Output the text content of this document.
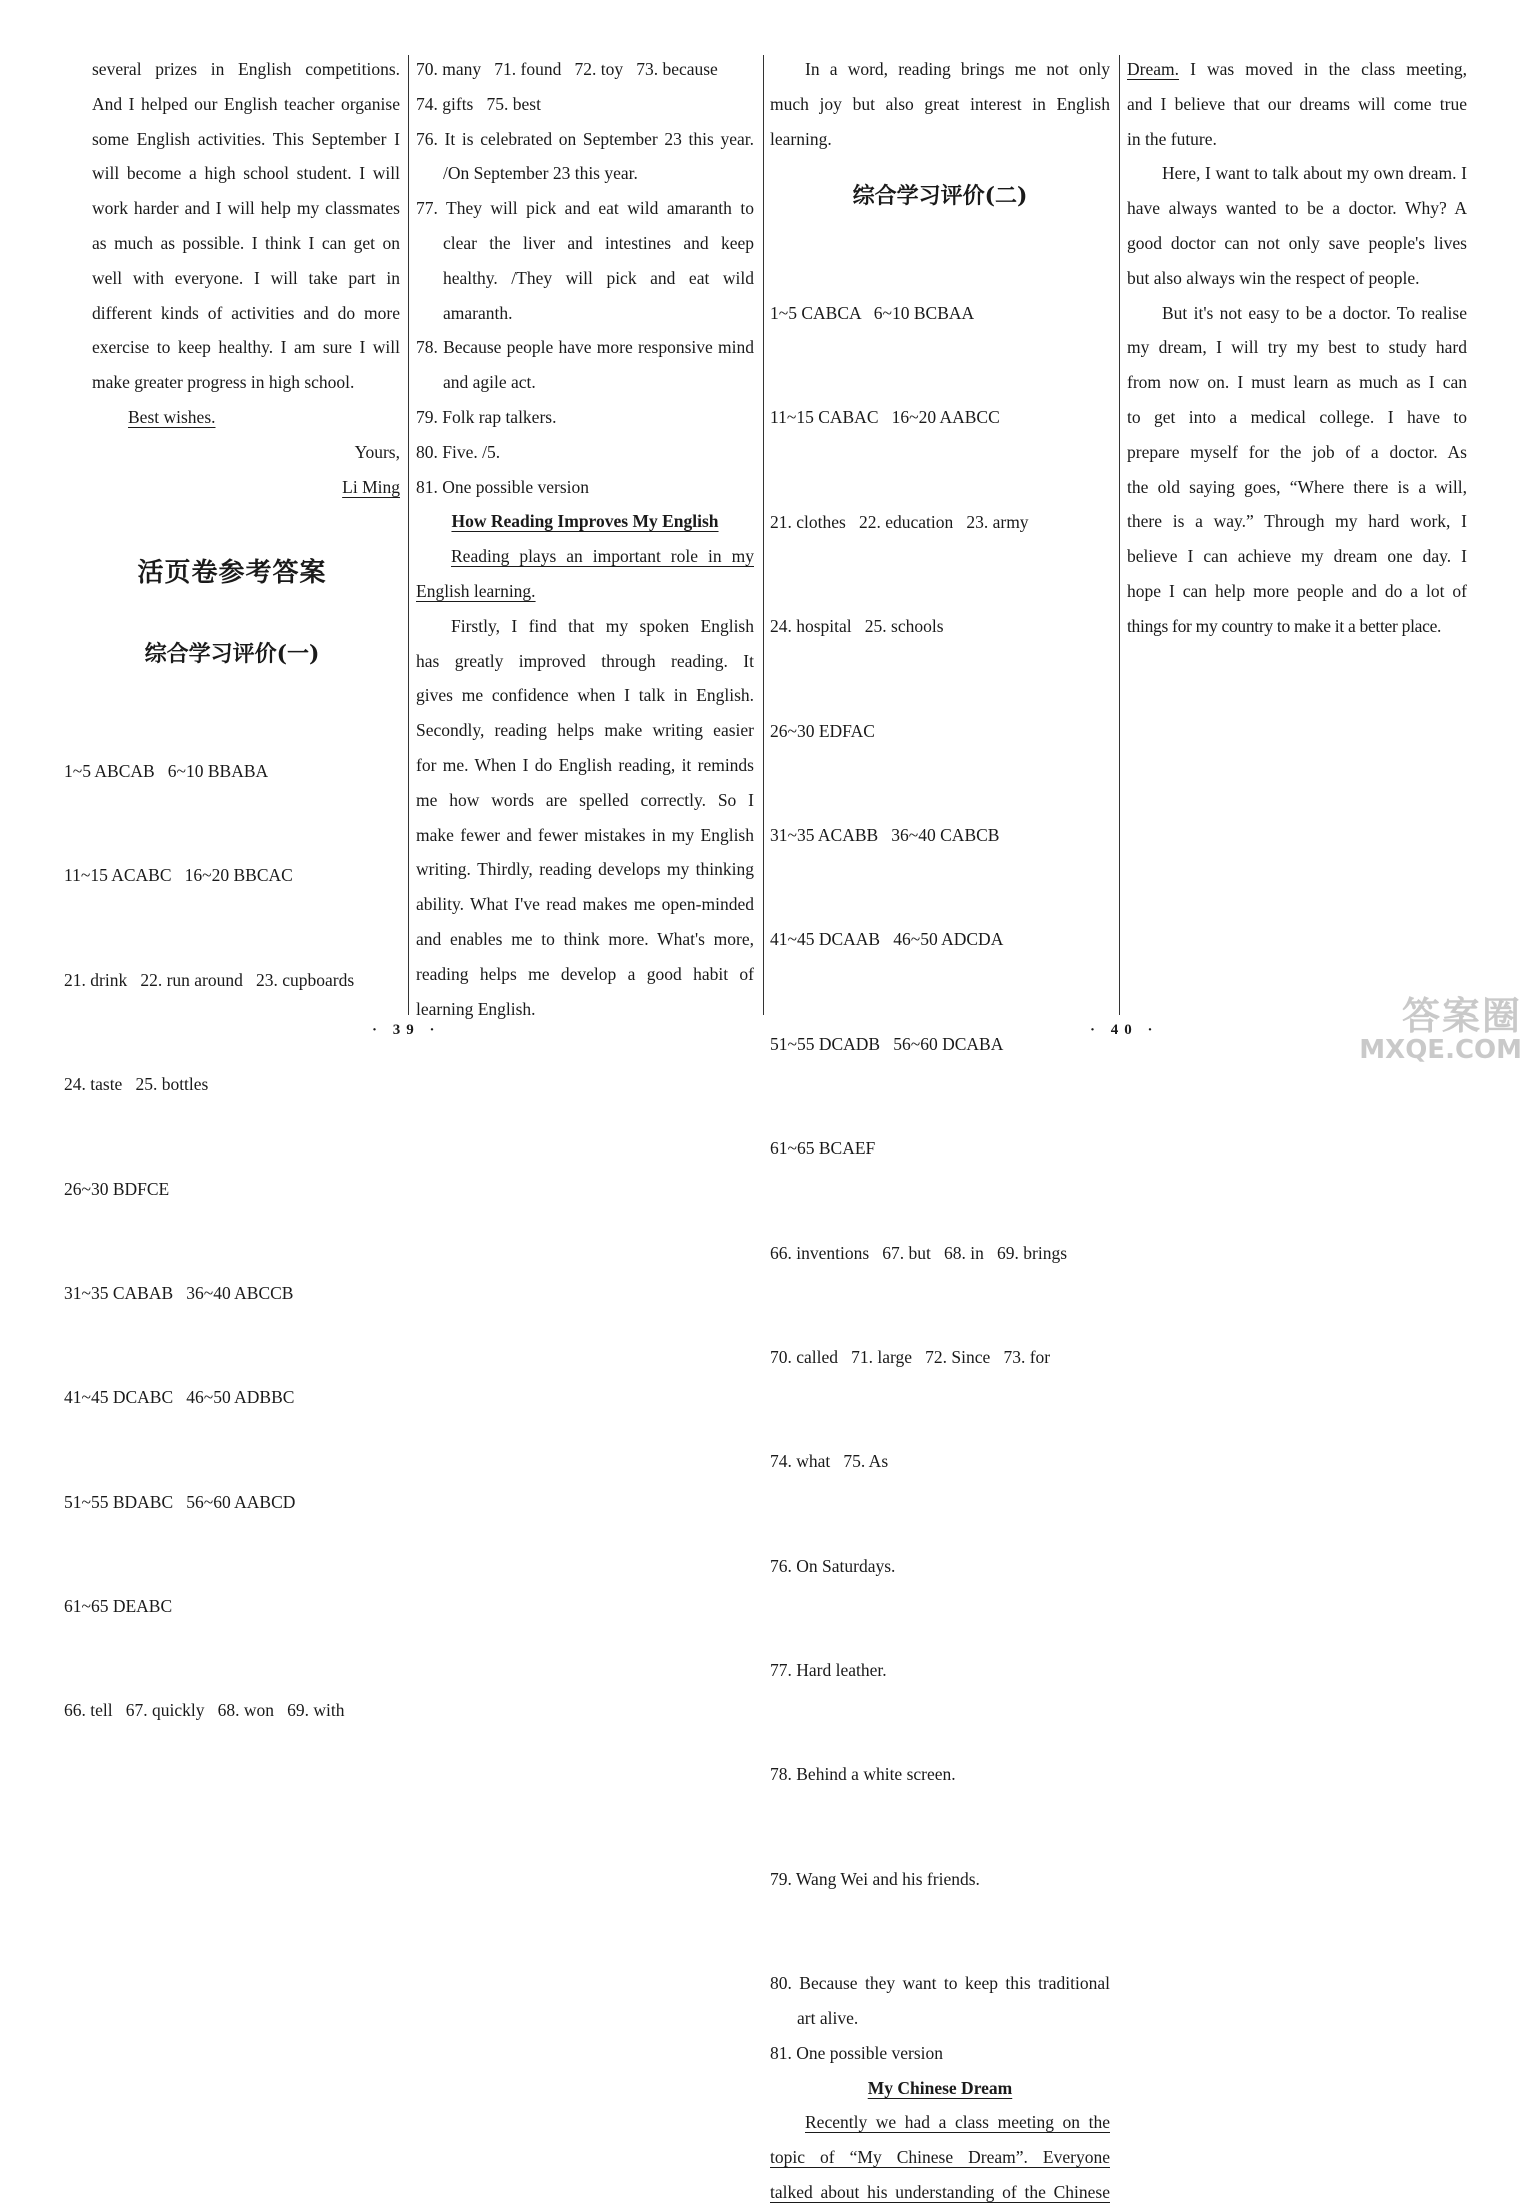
several prizes in English competitions.

And I helped our English teacher organise

some English activities. This September I

will become a high school student. I will

work harder and I will help my classmates

as much as possible. I think I can get on

well with everyone. I will take part in

different kinds of activities and do more

exercise to keep healthy. I am sure I will

make greater progress in high school.

Best wishes.

Yours,

Li Ming

活页卷参考答案
综合学习评价(一)

1~5 ABCAB   6~10 BBABA

11~15 ACABC   16~20 BBCAC

21. drink   22. run around   23. cupboards

24. taste   25. bottles

26~30 BDFCE

31~35 CABAB   36~40 ABCCB

41~45 DCABC   46~50 ADBBC

51~55 BDABC   56~60 AABCD

61~65 DEABC

66. tell   67. quickly   68. won   69. with

70. many   71. found   72. toy   73. because

74. gifts   75. best

76. It is celebrated on September 23 this year. /On September 23 this year.

77. They will pick and eat wild amaranth to clear the liver and intestines and keep healthy. /They will pick and eat wild amaranth.

78. Because people have more responsive mind and agile act.

79. Folk rap talkers.

80. Five. /5.

81. One possible version

How Reading Improves My English

Reading plays an important role in my

English learning.

Firstly, I find that my spoken English

has greatly improved through reading. It

gives me confidence when I talk in English.

Secondly, reading helps make writing easier

for me. When I do English reading, it reminds

me how words are spelled correctly. So I

make fewer and fewer mistakes in my English

writing. Thirdly, reading develops my thinking

ability. What I've read makes me open-minded

and enables me to think more. What's more,

reading helps me develop a good habit of

learning English.

In a word, reading brings me not only

much joy but also great interest in English

learning.

综合学习评价(二)

1~5 CABCA   6~10 BCBAA

11~15 CABAC   16~20 AABCC

21. clothes   22. education   23. army

24. hospital   25. schools

26~30 EDFAC

31~35 ACABB   36~40 CABCB

41~45 DCAAB   46~50 ADCDA

51~55 DCADB   56~60 DCABA

61~65 BCAEF

66. inventions   67. but   68. in   69. brings

70. called   71. large   72. Since   73. for

74. what   75. As

76. On Saturdays.

77. Hard leather.

78. Behind a white screen.

79. Wang Wei and his friends.

80. Because they want to keep this traditional art alive.

81. One possible version

My Chinese Dream

Recently we had a class meeting on the

topic of “My Chinese Dream”. Everyone

talked about his understanding of the Chinese

Dream. I was moved in the class meeting,

and I believe that our dreams will come true

in the future.

Here, I want to talk about my own dream. I

have always wanted to be a doctor. Why? A

good doctor can not only save people's lives

but also always win the respect of people.

But it's not easy to be a doctor. To realise

my dream, I will try my best to study hard

from now on. I must learn as much as I can

to get into a medical college. I have to

prepare myself for the job of a doctor. As

the old saying goes, “Where there is a will,

there is a way.” Through my hard work, I

believe I can achieve my dream one day. I

hope I can help more people and do a lot of

things for my country to make it a better place.

· 39 ·	· 40 ·	答案圈
MXQE.COM
